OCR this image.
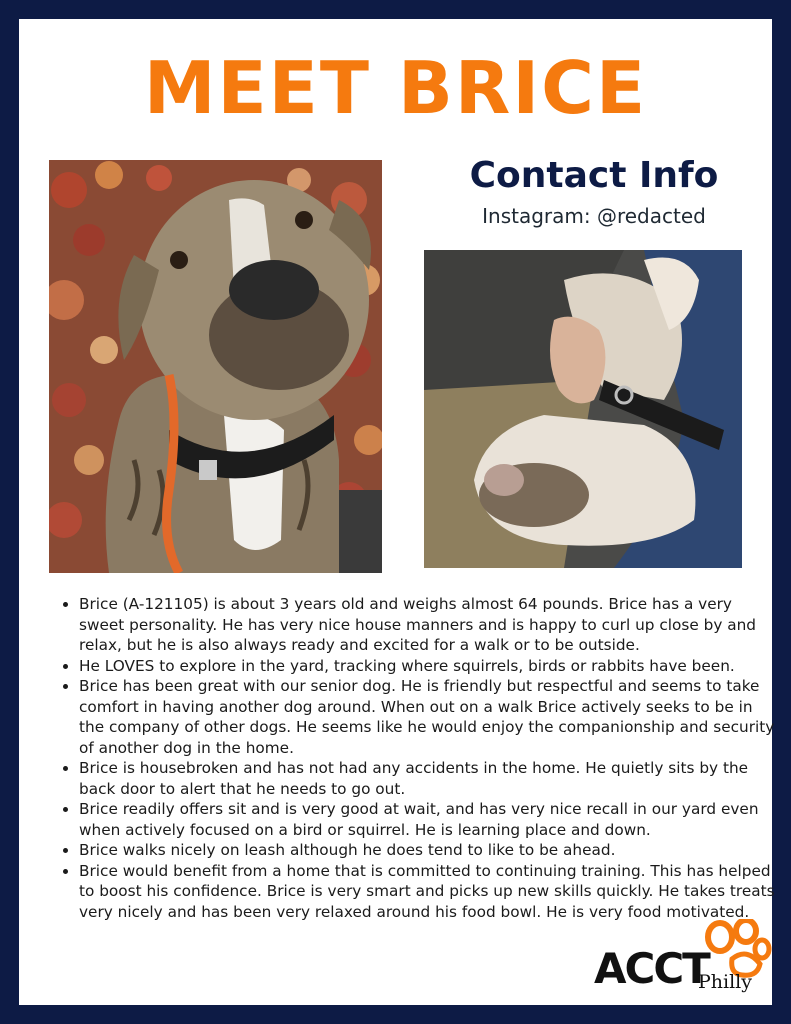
MEET BRICE
Contact Info
Instagram: @redacted
• Brice (A-121105) is about 3 years old and weighs almost 64 pounds. Brice has a very sweet personality. He has very nice house manners and is happy to curl up close by and relax, but he is also always ready and excited for a walk or to be outside.
• He LOVES to explore in the yard, tracking where squirrels, birds or rabbits have been.
• Brice has been great with our senior dog. He is friendly but respectful and seems to take comfort in having another dog around. When out on a walk Brice actively seeks to be in the company of other dogs. He seems like he would enjoy the companionship and security of another dog in the home.
• Brice is housebroken and has not had any accidents in the home. He quietly sits by the back door to alert that he needs to go out.
• Brice readily offers sit and is very good at wait, and has very nice recall in our yard even when actively focused on a bird or squirrel. He is learning place and down.
• Brice walks nicely on leash although he does tend to like to be ahead.
• Brice would benefit from a home that is committed to continuing training. This has helped to boost his confidence. Brice is very smart and picks up new skills quickly. He takes treats very nicely and has been very relaxed around his food bowl. He is very food motivated.
ACCT
Philly
